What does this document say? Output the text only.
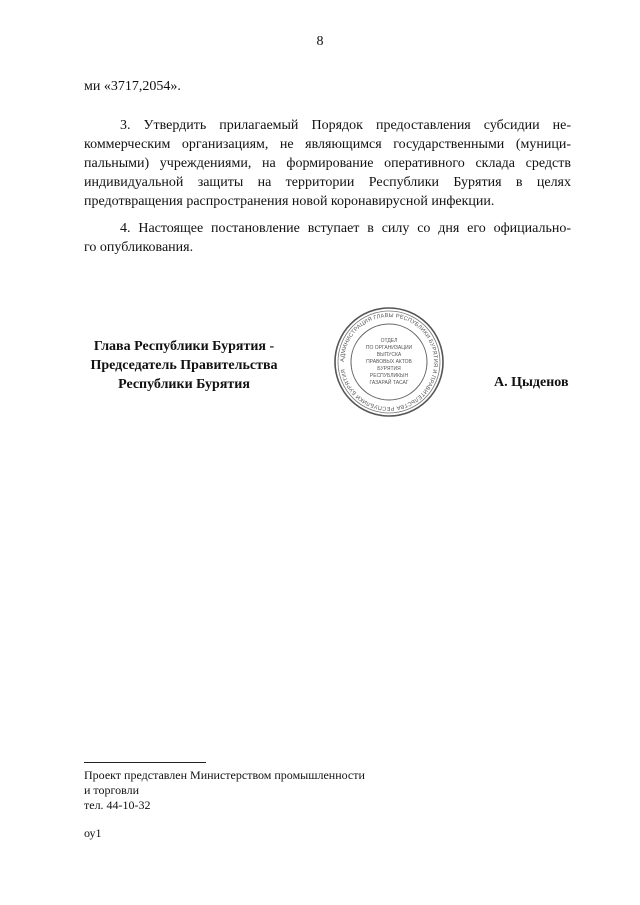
8
ми «3717,2054».
3. Утвердить прилагаемый Порядок предоставления субсидии не-
коммерческим организациям, не являющимся государственными (муници-
пальными) учреждениями, на формирование оперативного склада средств
индивидуальной защиты на территории Республики Бурятия в целях
предотвращения распространения новой коронавирусной инфекции.
4. Настоящее постановление вступает в силу со дня его официально-
го опубликования.
Глава Республики Бурятия -
Председатель Правительства
Республики Бурятия
АДМИНИСТРАЦИЯ ГЛАВЫ РЕСПУБЛИКИ БУРЯТИЯ И ПРАВИТЕЛЬСТВА РЕСПУБЛИКИ БУРЯТИЯ
ОТДЕЛ
ПО ОРГАНИЗАЦИИ
ВЫПУСКА
ПРАВОВЫХ АКТОВ
БУРЯТИЯ
РЕСПУБЛИКЫН
ГАЗАРАЙ ТАСАГ	А. Цыденов
Проект представлен Министерством промышленности
и торговли
тел. 44-10-32
оу1
